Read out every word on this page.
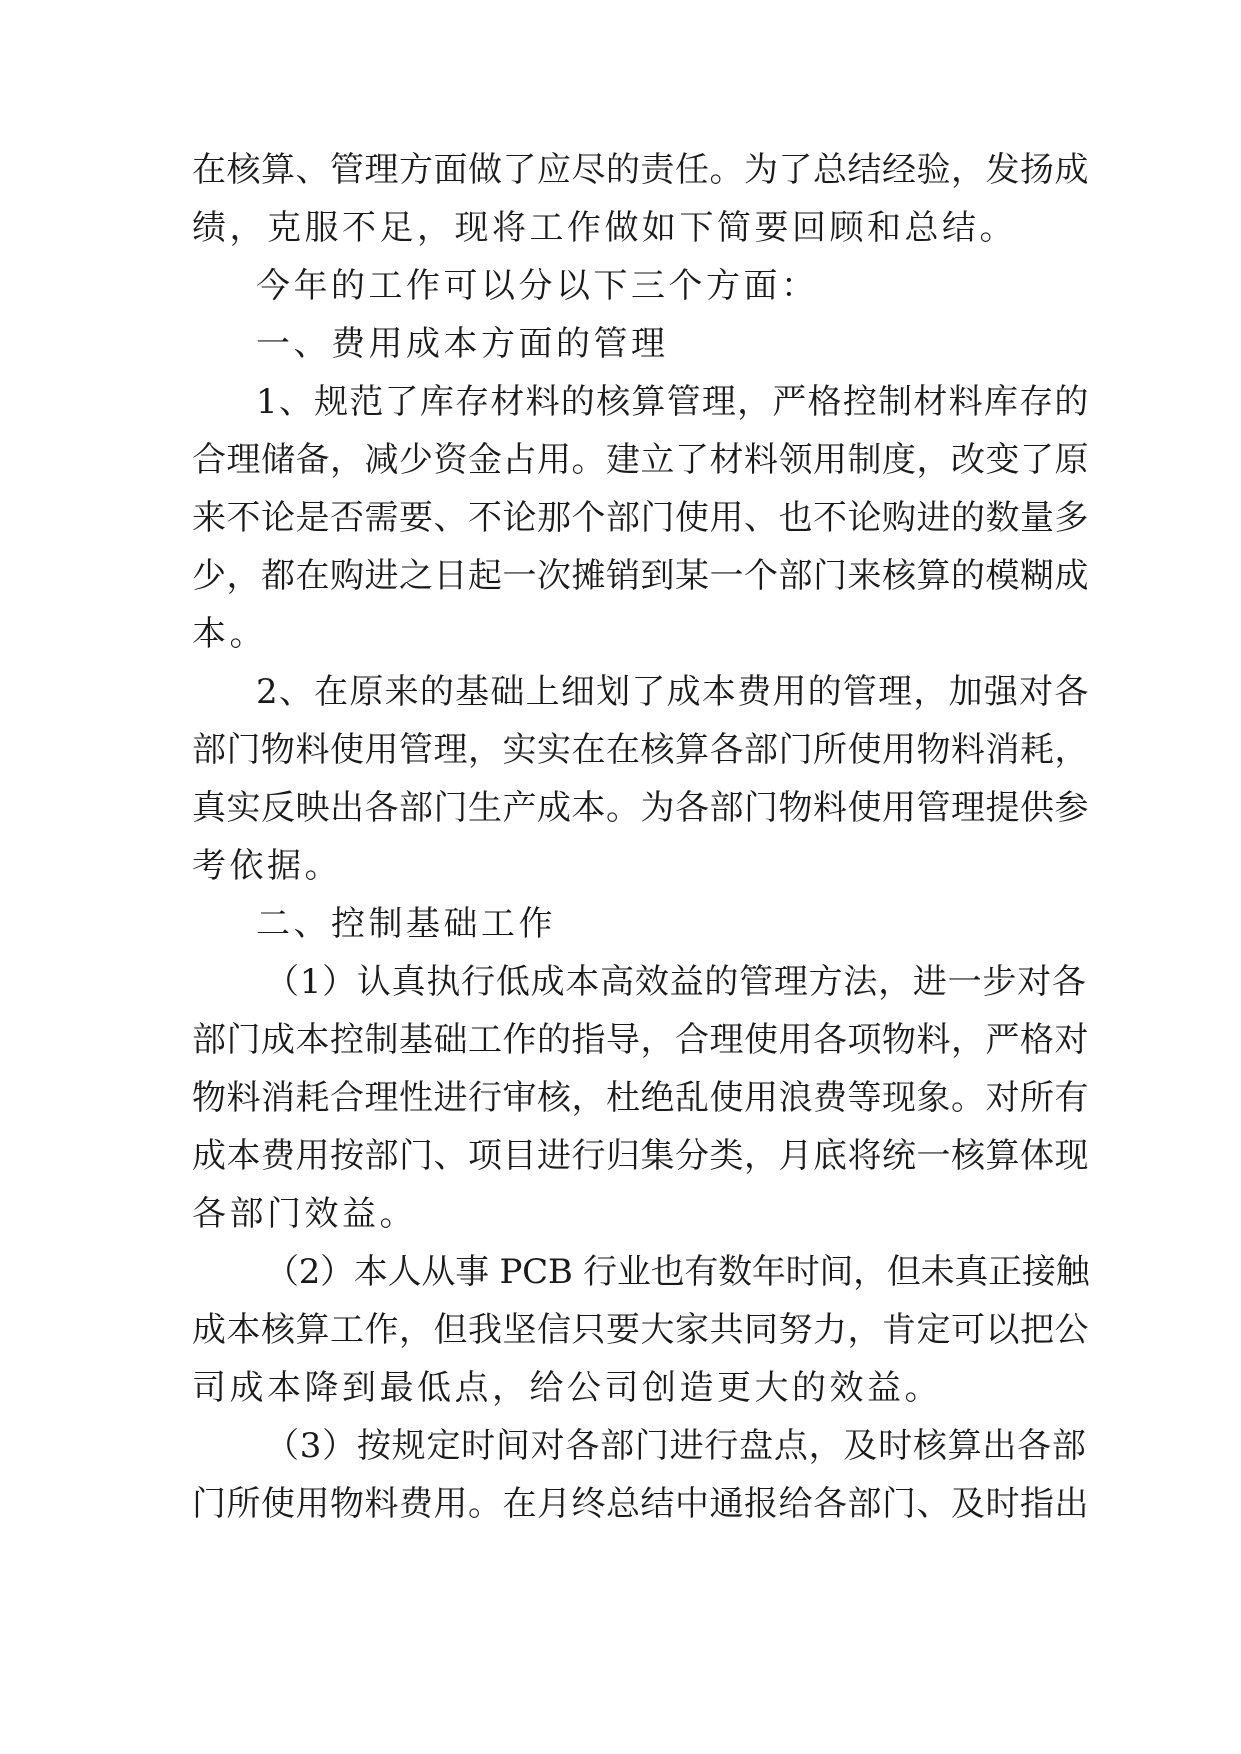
在核算、管理方面做了应尽的责任。为了总结经验，发扬成
绩，克服不足，现将工作做如下简要回顾和总结。
今年的工作可以分以下三个方面：
一、费用成本方面的管理
1、规范了库存材料的核算管理，严格控制材料库存的
合理储备，减少资金占用。建立了材料领用制度，改变了原
来不论是否需要、不论那个部门使用、也不论购进的数量多
少，都在购进之日起一次摊销到某一个部门来核算的模糊成
本。
2、在原来的基础上细划了成本费用的管理，加强对各
部门物料使用管理，实实在在核算各部门所使用物料消耗，
真实反映出各部门生产成本。为各部门物料使用管理提供参
考依据。
二、控制基础工作
（1）认真执行低成本高效益的管理方法，进一步对各
部门成本控制基础工作的指导，合理使用各项物料，严格对
物料消耗合理性进行审核，杜绝乱使用浪费等现象。对所有
成本费用按部门、项目进行归集分类，月底将统一核算体现
各部门效益。
（2）本人从事 PCB 行业也有数年时间，但未真正接触
成本核算工作，但我坚信只要大家共同努力，肯定可以把公
司成本降到最低点，给公司创造更大的效益。
（3）按规定时间对各部门进行盘点，及时核算出各部
门所使用物料费用。在月终总结中通报给各部门、及时指出
